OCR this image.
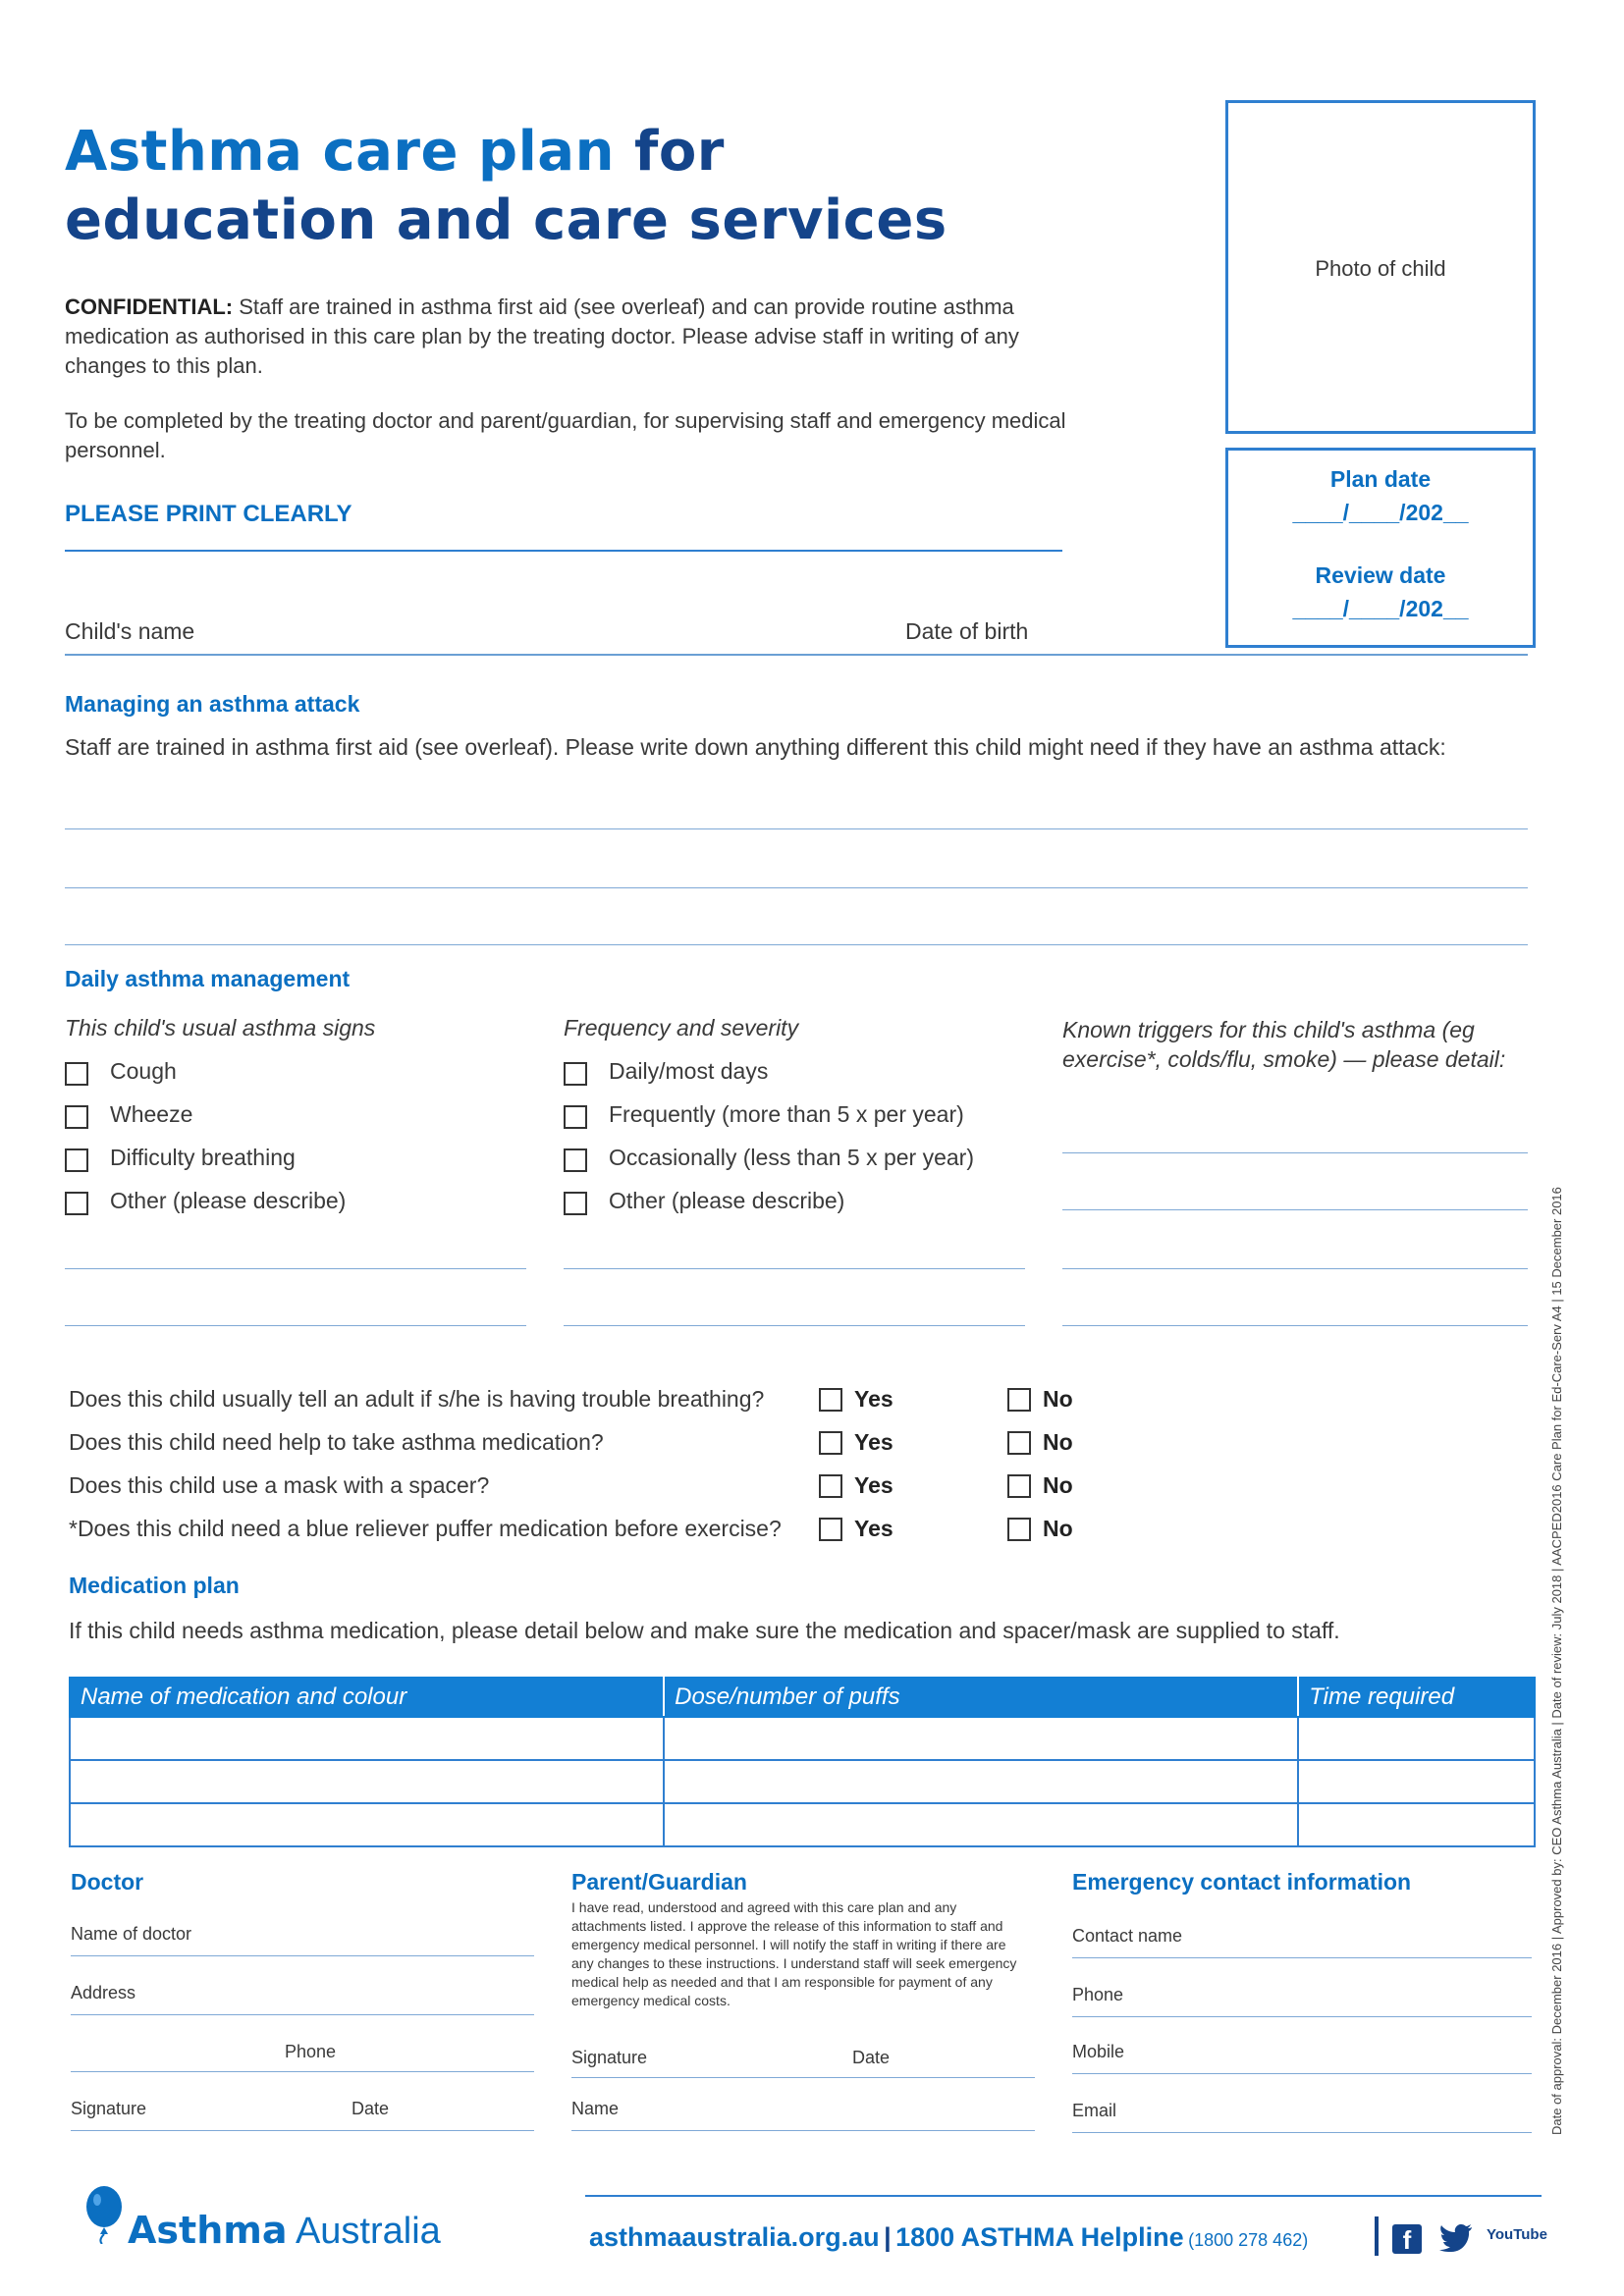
Asthma care plan for
education and care services
CONFIDENTIAL: Staff are trained in asthma first aid (see overleaf) and can provide routine asthma medication as authorised in this care plan by the treating doctor. Please advise staff in writing of any changes to this plan.
To be completed by the treating doctor and parent/guardian, for supervising staff and emergency medical personnel.
PLEASE PRINT CLEARLY
Photo of child
Plan date
____/____/202__
Review date
____/____/202__
Child's name	Date of birth
Managing an asthma attack
Staff are trained in asthma first aid (see overleaf). Please write down anything different this child might need if they have an asthma attack:
Daily asthma management
This child's usual asthma signs
Cough
Wheeze
Difficulty breathing
Other (please describe)
Frequency and severity
Daily/most days
Frequently (more than 5 x per year)
Occasionally (less than 5 x per year)
Other (please describe)
Known triggers for this child's asthma (eg exercise*, colds/flu, smoke) — please detail:
Does this child usually tell an adult if s/he is having trouble breathing?	Yes	No
Does this child need help to take asthma medication?	Yes	No
Does this child use a mask with a spacer?	Yes	No
*Does this child need a blue reliever puffer medication before exercise?	Yes	No
Medication plan
If this child needs asthma medication, please detail below and make sure the medication and spacer/mask are supplied to staff.
Name of medication and colour	Dose/number of puffs	Time required

Doctor
Name of doctor
Address
Phone
Signature	Date
Parent/Guardian
I have read, understood and agreed with this care plan and any attachments listed. I approve the release of this information to staff and emergency medical personnel. I will notify the staff in writing if there are any changes to these instructions. I understand staff will seek emergency medical help as needed and that I am responsible for payment of any emergency medical costs.
Signature	Date
Name
Emergency contact information
Contact name
Phone
Mobile
Email	Date of approval: December 2016 | Approved by: CEO Asthma Australia | Date of review: July 2018 | AACPED2016 Care Plan for Ed-Care-Serv A4 | 15 December 2016
Asthma Australia	asthmaaustralia.org.au | 1800 ASTHMA Helpline (1800 278 462)	f	YouTube
